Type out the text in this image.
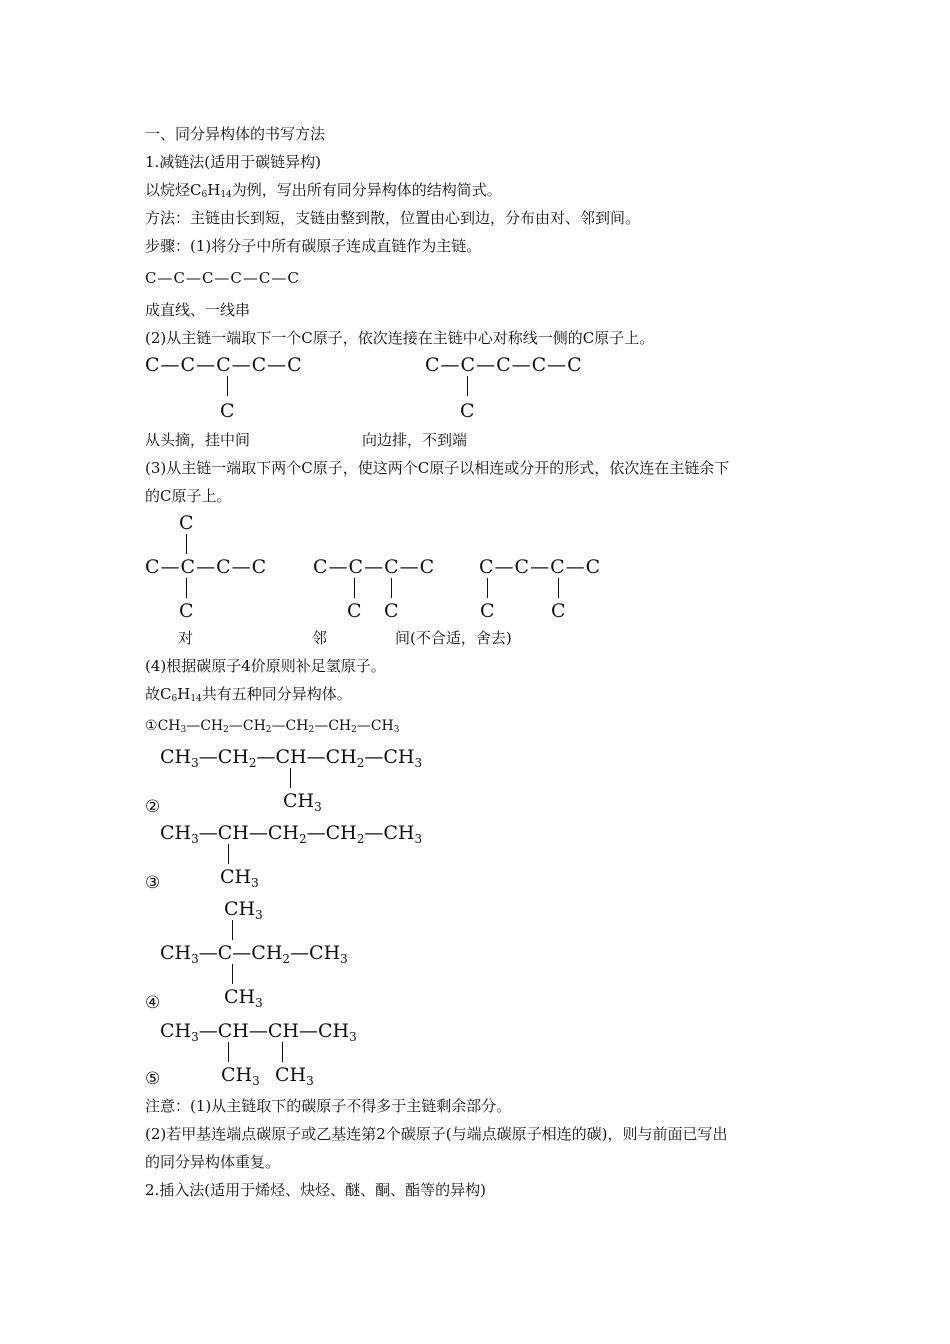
一、同分异构体的书写方法

1.减链法(适用于碳链异构)

以烷烃$C_6H_{14}$为例，写出所有同分异构体的结构简式。

方法：主链由长到短，支链由整到散，位置由心到边，分布由对、邻到间。

步骤：(1)将分子中所有碳原子连成直链作为主链。

C—C—C—C—C—C

成直线、一线串

(2)从主链一端取下一个C原子，依次连接在主链中心对称线一侧的C原子上。

C—C—C—C—C
C
C—C—C—C—C
C
从头摘，挂中间	向边排，不到端

(3)从主链一端取下两个C原子，使这两个C原子以相连或分开的形式，依次连在主链余下

的C原子上。

C
C—C—C—C
C
C—C—C—C
C C
C—C—C—C
C	C
对	邻	间(不合适，舍去)

(4)根据碳原子4价原则补足氢原子。

故$C_6H_{14}$共有五种同分异构体。

$①CH_3—CH_2—CH_2—CH_2—CH_2—CH_3$

$CH_3—CH_2—CH—CH_2—CH_3$
$CH_3$
②
$CH_3—CH—CH_2—CH_2—CH_3$
$CH_3$
③
$CH_3$
$CH_3—C—CH_2—CH_3$
$CH_3$
④
$CH_3—CH—CH—CH_3$
$CH_3$ $CH_3$
⑤

注意：(1)从主链取下的碳原子不得多于主链剩余部分。

(2)若甲基连端点碳原子或乙基连第2个碳原子(与端点碳原子相连的碳)，则与前面已写出

的同分异构体重复。

2.插入法(适用于烯烃、炔烃、醚、酮、酯等的异构)
